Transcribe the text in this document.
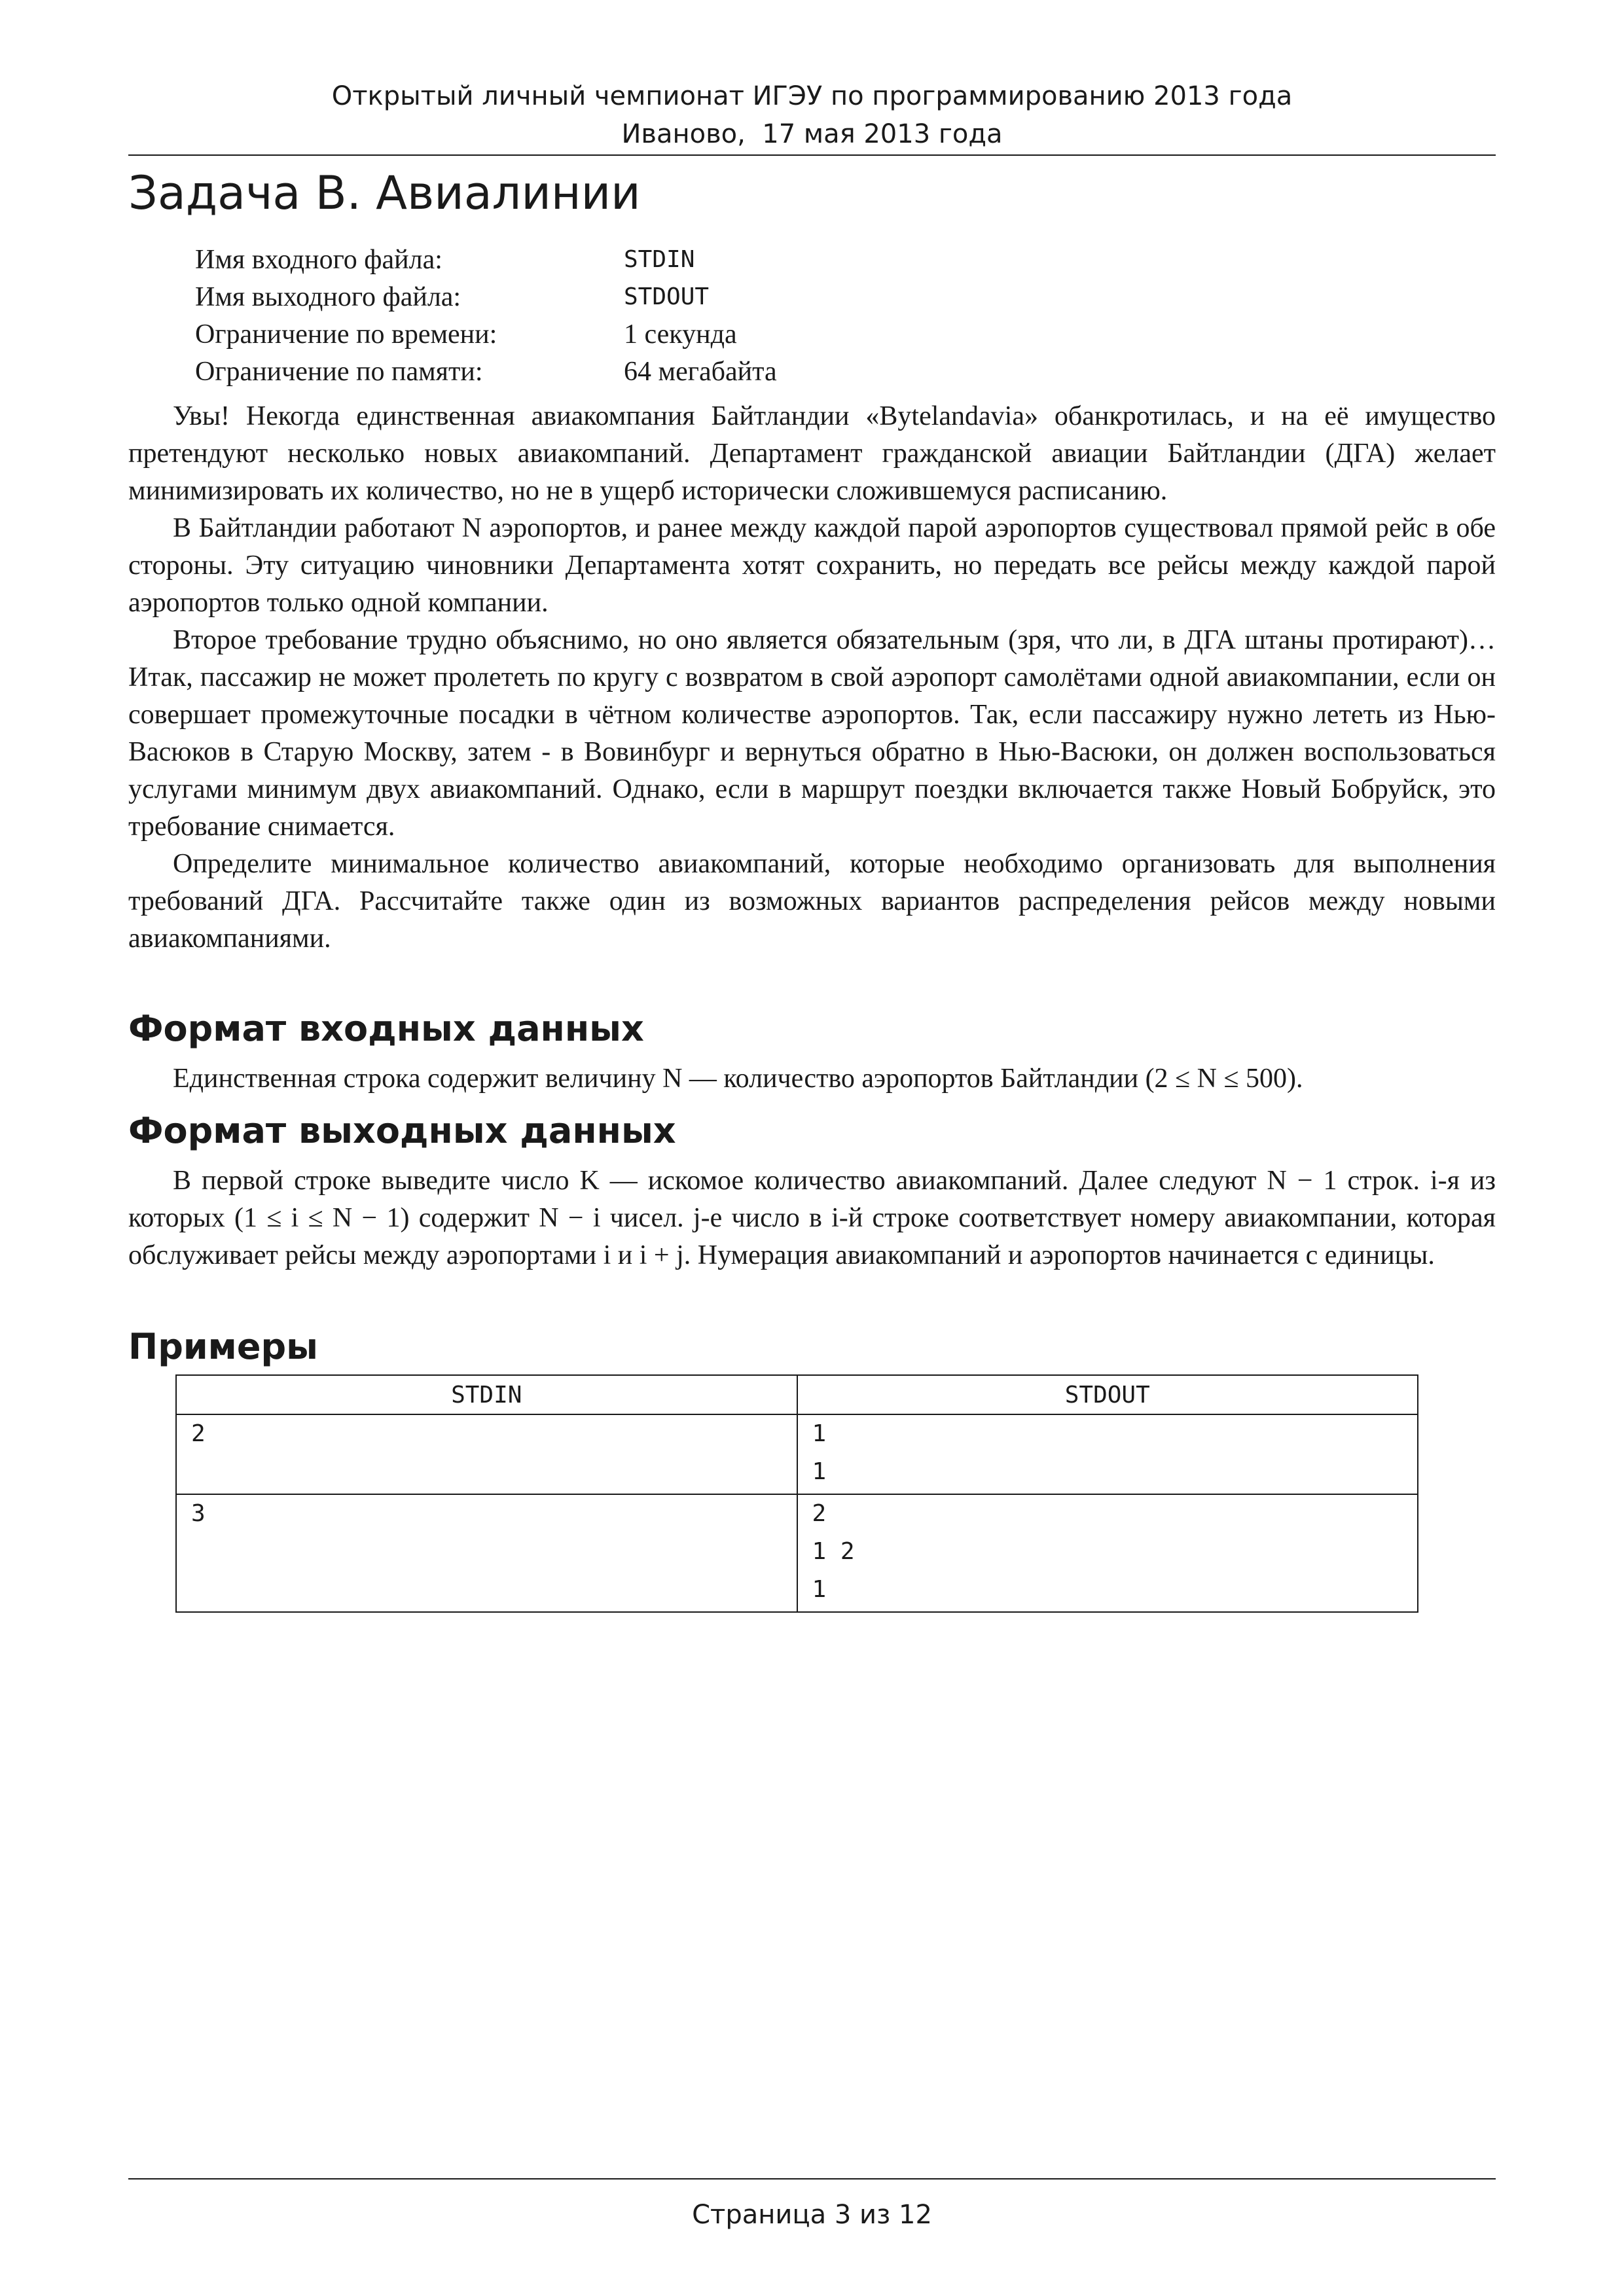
Открытый личный чемпионат ИГЭУ по программированию 2013 года
Иваново,  17 мая 2013 года
Задача B. Авиалинии
Имя входного файла:	STDIN
Имя выходного файла:	STDOUT
Ограничение по времени:	1 секунда
Ограничение по памяти:	64 мегабайта

Увы! Некогда единственная авиакомпания Байтландии «Bytelandavia» обанкротилась, и на её имущество претендуют несколько новых авиакомпаний. Департамент гражданской авиации Байтландии (ДГА) желает минимизировать их количество, но не в ущерб исторически сложившемуся расписанию.

В Байтландии работают N аэропортов, и ранее между каждой парой аэропортов существовал прямой рейс в обе стороны. Эту ситуацию чиновники Департамента хотят сохранить, но передать все рейсы между каждой парой аэропортов только одной компании.

Второе требование трудно объяснимо, но оно является обязательным (зря, что ли, в ДГА штаны протирают)… Итак, пассажир не может пролететь по кругу с возвратом в свой аэропорт самолётами одной авиакомпании, если он совершает промежуточные посадки в чётном количестве аэропортов. Так, если пассажиру нужно лететь из Нью-Васюков в Старую Москву, затем - в Вовинбург и вернуться обратно в Нью-Васюки, он должен воспользоваться услугами минимум двух авиакомпаний. Однако, если в маршрут поездки включается также Новый Бобруйск, это требование снимается.

Определите минимальное количество авиакомпаний, которые необходимо организовать для выполнения требований ДГА. Рассчитайте также один из возможных вариантов распределения рейсов между новыми авиакомпаниями.

Формат входных данных

Единственная строка содержит величину N — количество аэропортов Байтландии (2 ≤ N ≤ 500).

Формат выходных данных

В первой строке выведите число K — искомое количество авиакомпаний. Далее следуют N − 1 строк. i-я из которых (1 ≤ i ≤ N − 1) содержит N − i чисел. j-е число в i-й строке соответствует номеру авиакомпании, которая обслуживает рейсы между аэропортами i и i + j. Нумерация авиакомпаний и аэропортов начинается с единицы.

Примеры
STDIN	STDOUT

2	1
1

3	2
1 2
1
Страница 3 из 12
